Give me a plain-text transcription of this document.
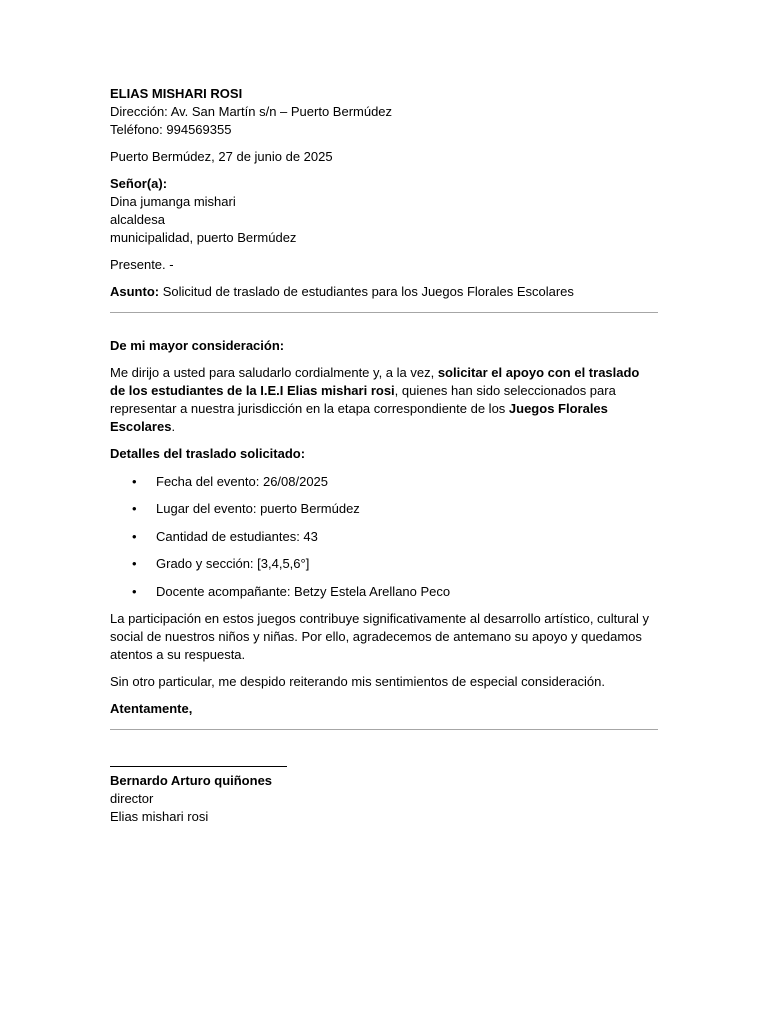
ELIAS MISHARI ROSI
Dirección: Av. San Martín s/n – Puerto Bermúdez
Teléfono: 994569355
Puerto Bermúdez, 27 de junio de 2025
Señor(a):
Dina jumanga mishari
alcaldesa
municipalidad, puerto Bermúdez
Presente. -
Asunto: Solicitud de traslado de estudiantes para los Juegos Florales Escolares
De mi mayor consideración:
Me dirijo a usted para saludarlo cordialmente y, a la vez, solicitar el apoyo con el traslado de los estudiantes de la I.E.I Elias mishari rosi, quienes han sido seleccionados para representar a nuestra jurisdicción en la etapa correspondiente de los Juegos Florales Escolares.
Detalles del traslado solicitado:
• Fecha del evento: 26/08/2025
• Lugar del evento: puerto Bermúdez
• Cantidad de estudiantes: 43
• Grado y sección: [3,4,5,6°]
• Docente acompañante: Betzy Estela Arellano Peco
La participación en estos juegos contribuye significativamente al desarrollo artístico, cultural y social de nuestros niños y niñas. Por ello, agradecemos de antemano su apoyo y quedamos atentos a su respuesta.
Sin otro particular, me despido reiterando mis sentimientos de especial consideración.
Atentamente,
Bernardo Arturo quiñones
director
Elias mishari rosi
